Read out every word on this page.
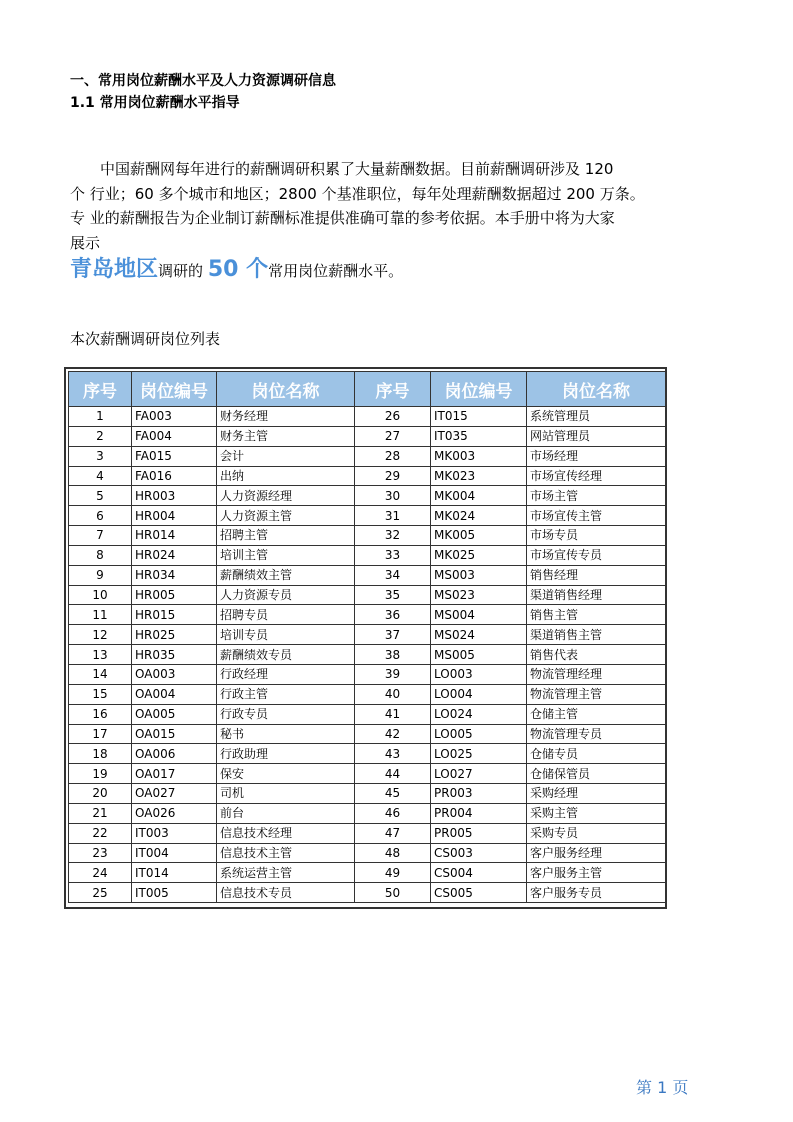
一、常用岗位薪酬水平及人力资源调研信息
1.1 常用岗位薪酬水平指导

中国薪酬网每年进行的薪酬调研积累了大量薪酬数据。目前薪酬调研涉及 120

个 行业；60 多个城市和地区；2800 个基准职位，每年处理薪酬数据超过 200 万条。

专 业的薪酬报告为企业制订薪酬标准提供准确可靠的参考依据。本手册中将为大家

展示

青岛地区调研的 50 个常用岗位薪酬水平。
本次薪酬调研岗位列表
序号	岗位编号	岗位名称	序号	岗位编号	岗位名称
1	FA003	财务经理	26	IT015	系统管理员
2	FA004	财务主管	27	IT035	网站管理员
3	FA015	会计	28	MK003	市场经理
4	FA016	出纳	29	MK023	市场宣传经理
5	HR003	人力资源经理	30	MK004	市场主管
6	HR004	人力资源主管	31	MK024	市场宣传主管
7	HR014	招聘主管	32	MK005	市场专员
8	HR024	培训主管	33	MK025	市场宣传专员
9	HR034	薪酬绩效主管	34	MS003	销售经理
10	HR005	人力资源专员	35	MS023	渠道销售经理
11	HR015	招聘专员	36	MS004	销售主管
12	HR025	培训专员	37	MS024	渠道销售主管
13	HR035	薪酬绩效专员	38	MS005	销售代表
14	OA003	行政经理	39	LO003	物流管理经理
15	OA004	行政主管	40	LO004	物流管理主管
16	OA005	行政专员	41	LO024	仓储主管
17	OA015	秘书	42	LO005	物流管理专员
18	OA006	行政助理	43	LO025	仓储专员
19	OA017	保安	44	LO027	仓储保管员
20	OA027	司机	45	PR003	采购经理
21	OA026	前台	46	PR004	采购主管
22	IT003	信息技术经理	47	PR005	采购专员
23	IT004	信息技术主管	48	CS003	客户服务经理
24	IT014	系统运营主管	49	CS004	客户服务主管
25	IT005	信息技术专员	50	CS005	客户服务专员
第 1 页
